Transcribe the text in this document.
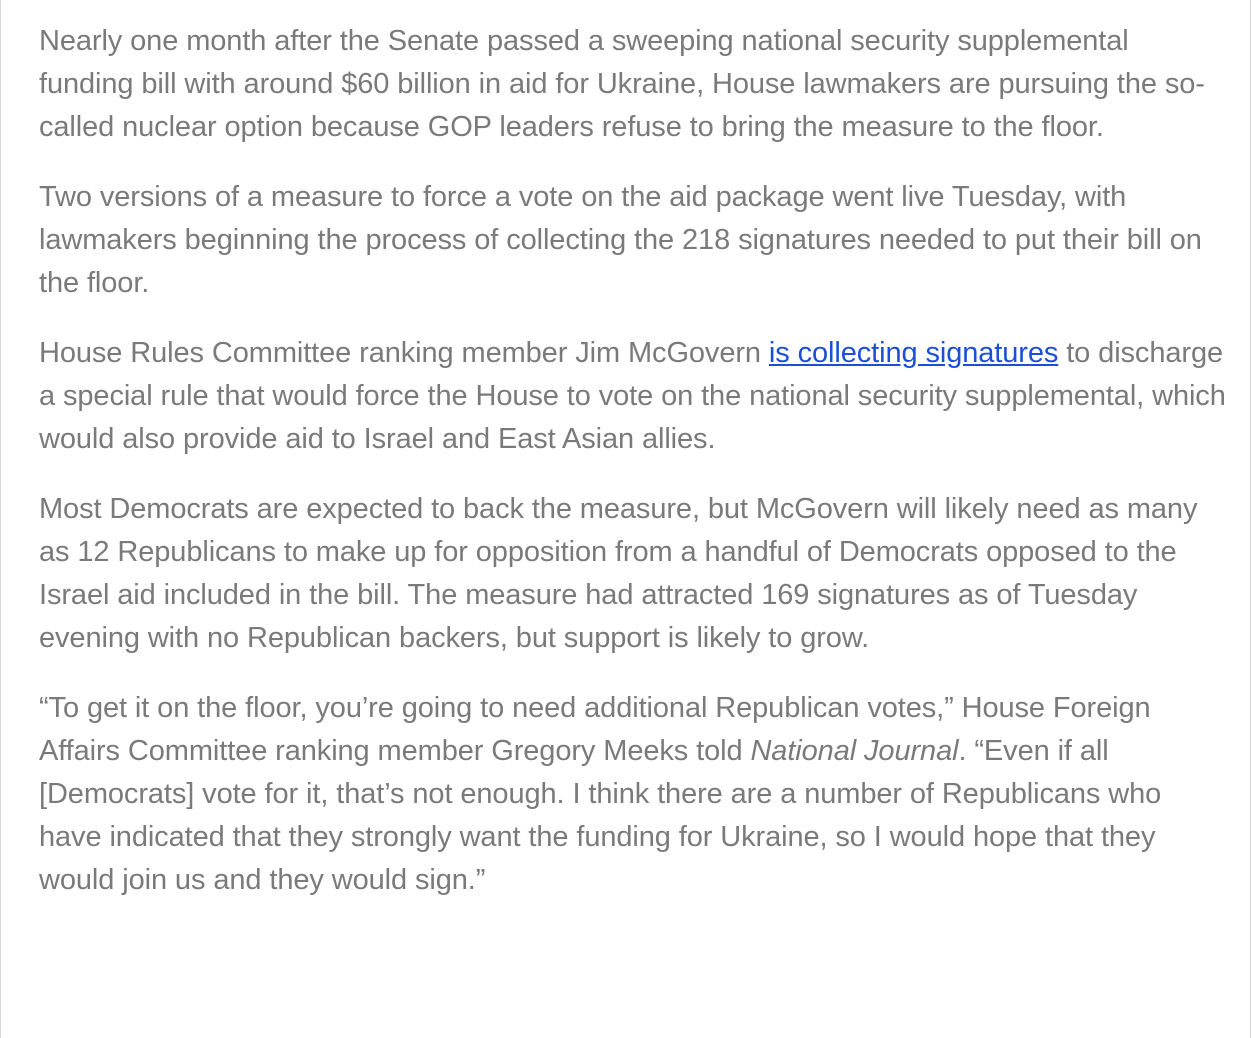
Nearly one month after the Senate passed a sweeping national security supplemental funding bill with around $60 billion in aid for Ukraine, House lawmakers are pursuing the so-called nuclear option because GOP leaders refuse to bring the measure to the floor.

Two versions of a measure to force a vote on the aid package went live Tuesday, with lawmakers beginning the process of collecting the 218 signatures needed to put their bill on the floor.

House Rules Committee ranking member Jim McGovern is collecting signatures to discharge a special rule that would force the House to vote on the national security supplemental, which would also provide aid to Israel and East Asian allies.

Most Democrats are expected to back the measure, but McGovern will likely need as many as 12 Republicans to make up for opposition from a handful of Democrats opposed to the Israel aid included in the bill. The measure had attracted 169 signatures as of Tuesday evening with no Republican backers, but support is likely to grow.

“To get it on the floor, you’re going to need additional Republican votes,” House Foreign Affairs Committee ranking member Gregory Meeks told National Journal. “Even if all [Democrats] vote for it, that’s not enough. I think there are a number of Republicans who have indicated that they strongly want the funding for Ukraine, so I would hope that they would join us and they would sign.”
